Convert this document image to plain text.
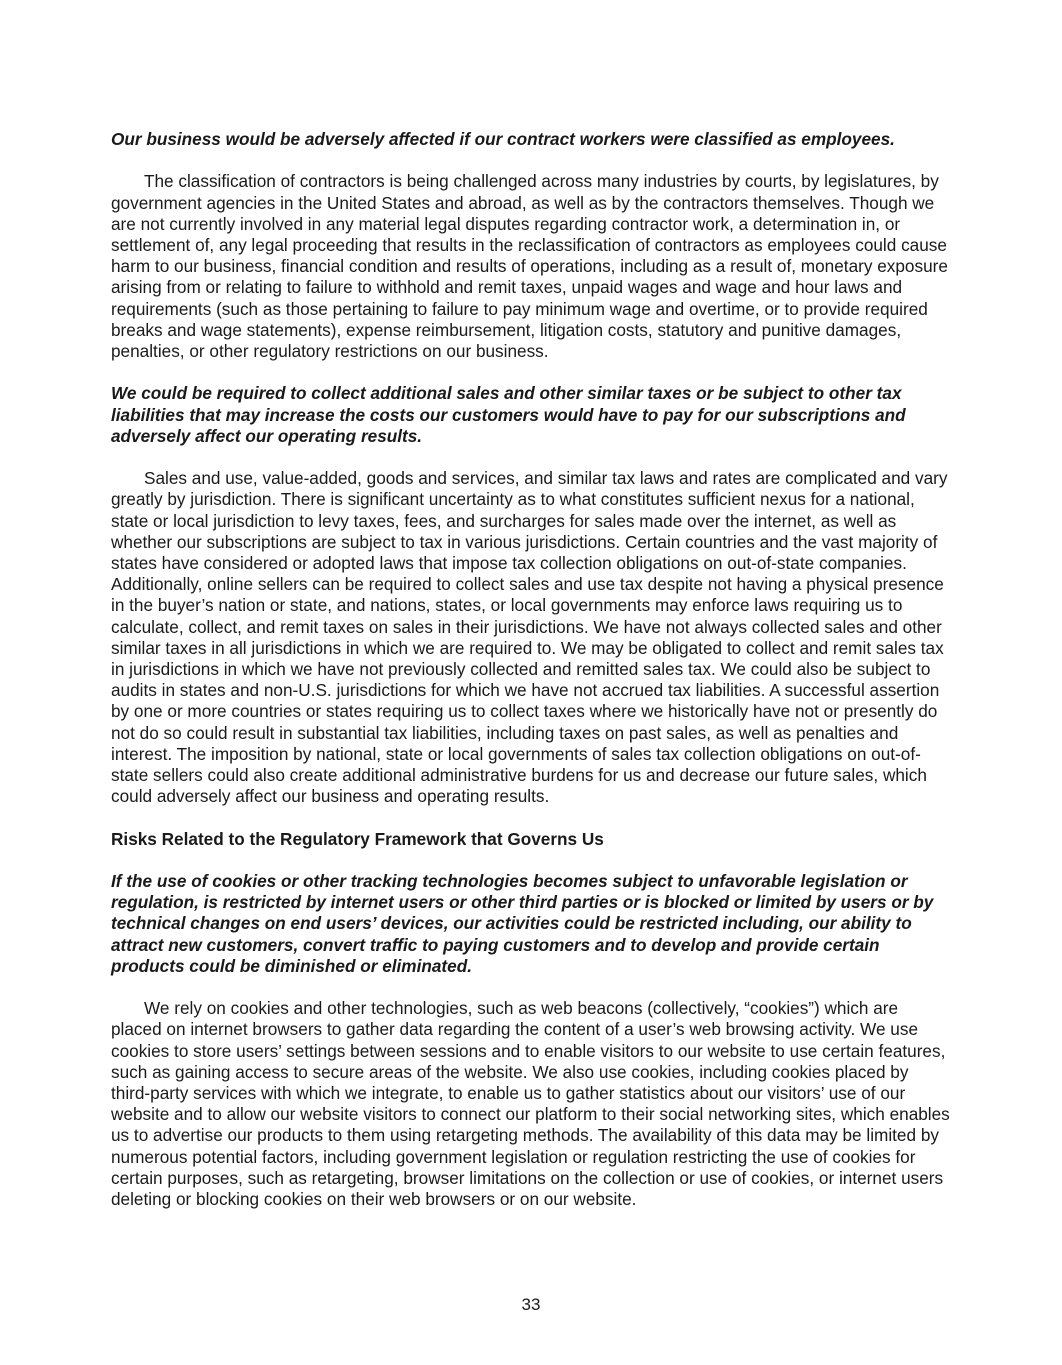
Our business would be adversely affected if our contract workers were classified as employees.

The classification of contractors is being challenged across many industries by courts, by legislatures, by government agencies in the United States and abroad, as well as by the contractors themselves. Though we are not currently involved in any material legal disputes regarding contractor work, a determination in, or settlement of, any legal proceeding that results in the reclassification of contractors as employees could cause harm to our business, financial condition and results of operations, including as a result of, monetary exposure arising from or relating to failure to withhold and remit taxes, unpaid wages and wage and hour laws and requirements (such as those pertaining to failure to pay minimum wage and overtime, or to provide required breaks and wage statements), expense reimbursement, litigation costs, statutory and punitive damages, penalties, or other regulatory restrictions on our business.

We could be required to collect additional sales and other similar taxes or be subject to other tax liabilities that may increase the costs our customers would have to pay for our subscriptions and adversely affect our operating results.

Sales and use, value-added, goods and services, and similar tax laws and rates are complicated and vary greatly by jurisdiction. There is significant uncertainty as to what constitutes sufficient nexus for a national, state or local jurisdiction to levy taxes, fees, and surcharges for sales made over the internet, as well as whether our subscriptions are subject to tax in various jurisdictions. Certain countries and the vast majority of states have considered or adopted laws that impose tax collection obligations on out-of-state companies. Additionally, online sellers can be required to collect sales and use tax despite not having a physical presence in the buyer’s nation or state, and nations, states, or local governments may enforce laws requiring us to calculate, collect, and remit taxes on sales in their jurisdictions. We have not always collected sales and other similar taxes in all jurisdictions in which we are required to. We may be obligated to collect and remit sales tax in jurisdictions in which we have not previously collected and remitted sales tax. We could also be subject to audits in states and non-U.S. jurisdictions for which we have not accrued tax liabilities. A successful assertion by one or more countries or states requiring us to collect taxes where we historically have not or presently do not do so could result in substantial tax liabilities, including taxes on past sales, as well as penalties and interest. The imposition by national, state or local governments of sales tax collection obligations on out-of-state sellers could also create additional administrative burdens for us and decrease our future sales, which could adversely affect our business and operating results.

Risks Related to the Regulatory Framework that Governs Us

If the use of cookies or other tracking technologies becomes subject to unfavorable legislation or regulation, is restricted by internet users or other third parties or is blocked or limited by users or by technical changes on end users’ devices, our activities could be restricted including, our ability to attract new customers, convert traffic to paying customers and to develop and provide certain products could be diminished or eliminated.

We rely on cookies and other technologies, such as web beacons (collectively, “cookies”) which are placed on internet browsers to gather data regarding the content of a user’s web browsing activity. We use cookies to store users’ settings between sessions and to enable visitors to our website to use certain features, such as gaining access to secure areas of the website. We also use cookies, including cookies placed by third-party services with which we integrate, to enable us to gather statistics about our visitors’ use of our website and to allow our website visitors to connect our platform to their social networking sites, which enables us to advertise our products to them using retargeting methods. The availability of this data may be limited by numerous potential factors, including government legislation or regulation restricting the use of cookies for certain purposes, such as retargeting, browser limitations on the collection or use of cookies, or internet users deleting or blocking cookies on their web browsers or on our website.

33
